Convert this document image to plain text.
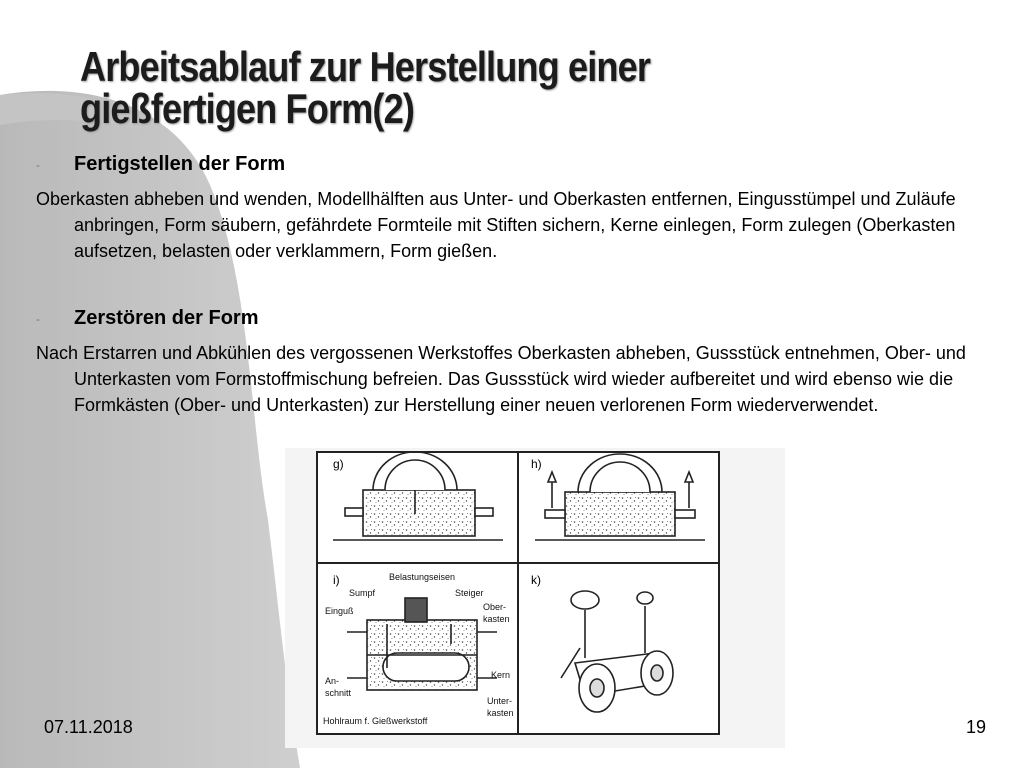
Arbeitsablauf zur Herstellung einer
gießfertigen Form(2)
- Fertigstellen der Form

Oberkasten abheben und wenden, Modellhälften aus Unter- und Oberkasten entfernen, Eingusstümpel und Zuläufe anbringen, Form säubern, gefährdete Formteile mit Stiften sichern, Kerne einlegen, Form zulegen (Oberkasten aufsetzen, belasten oder verklammern, Form gießen.

- Zerstören der Form

Nach Erstarren und Abkühlen des vergossenen Werkstoffes Oberkasten abheben, Gussstück entnehmen, Ober- und Unterkasten vom Formstoffmischung befreien. Das Gussstück wird wieder aufbereitet und wird ebenso wie die Formkästen (Ober- und Unterkasten) zur Herstellung einer neuen verlorenen Form wiederverwendet.

g)	h)
i)	Belastungseisen
Sumpf	Steiger
Einguß	Ober-
kasten
An-
schnitt
Kern
Unter-
kasten
Hohlraum f. Gießwerkstoff
k)
07.11.2018	19
